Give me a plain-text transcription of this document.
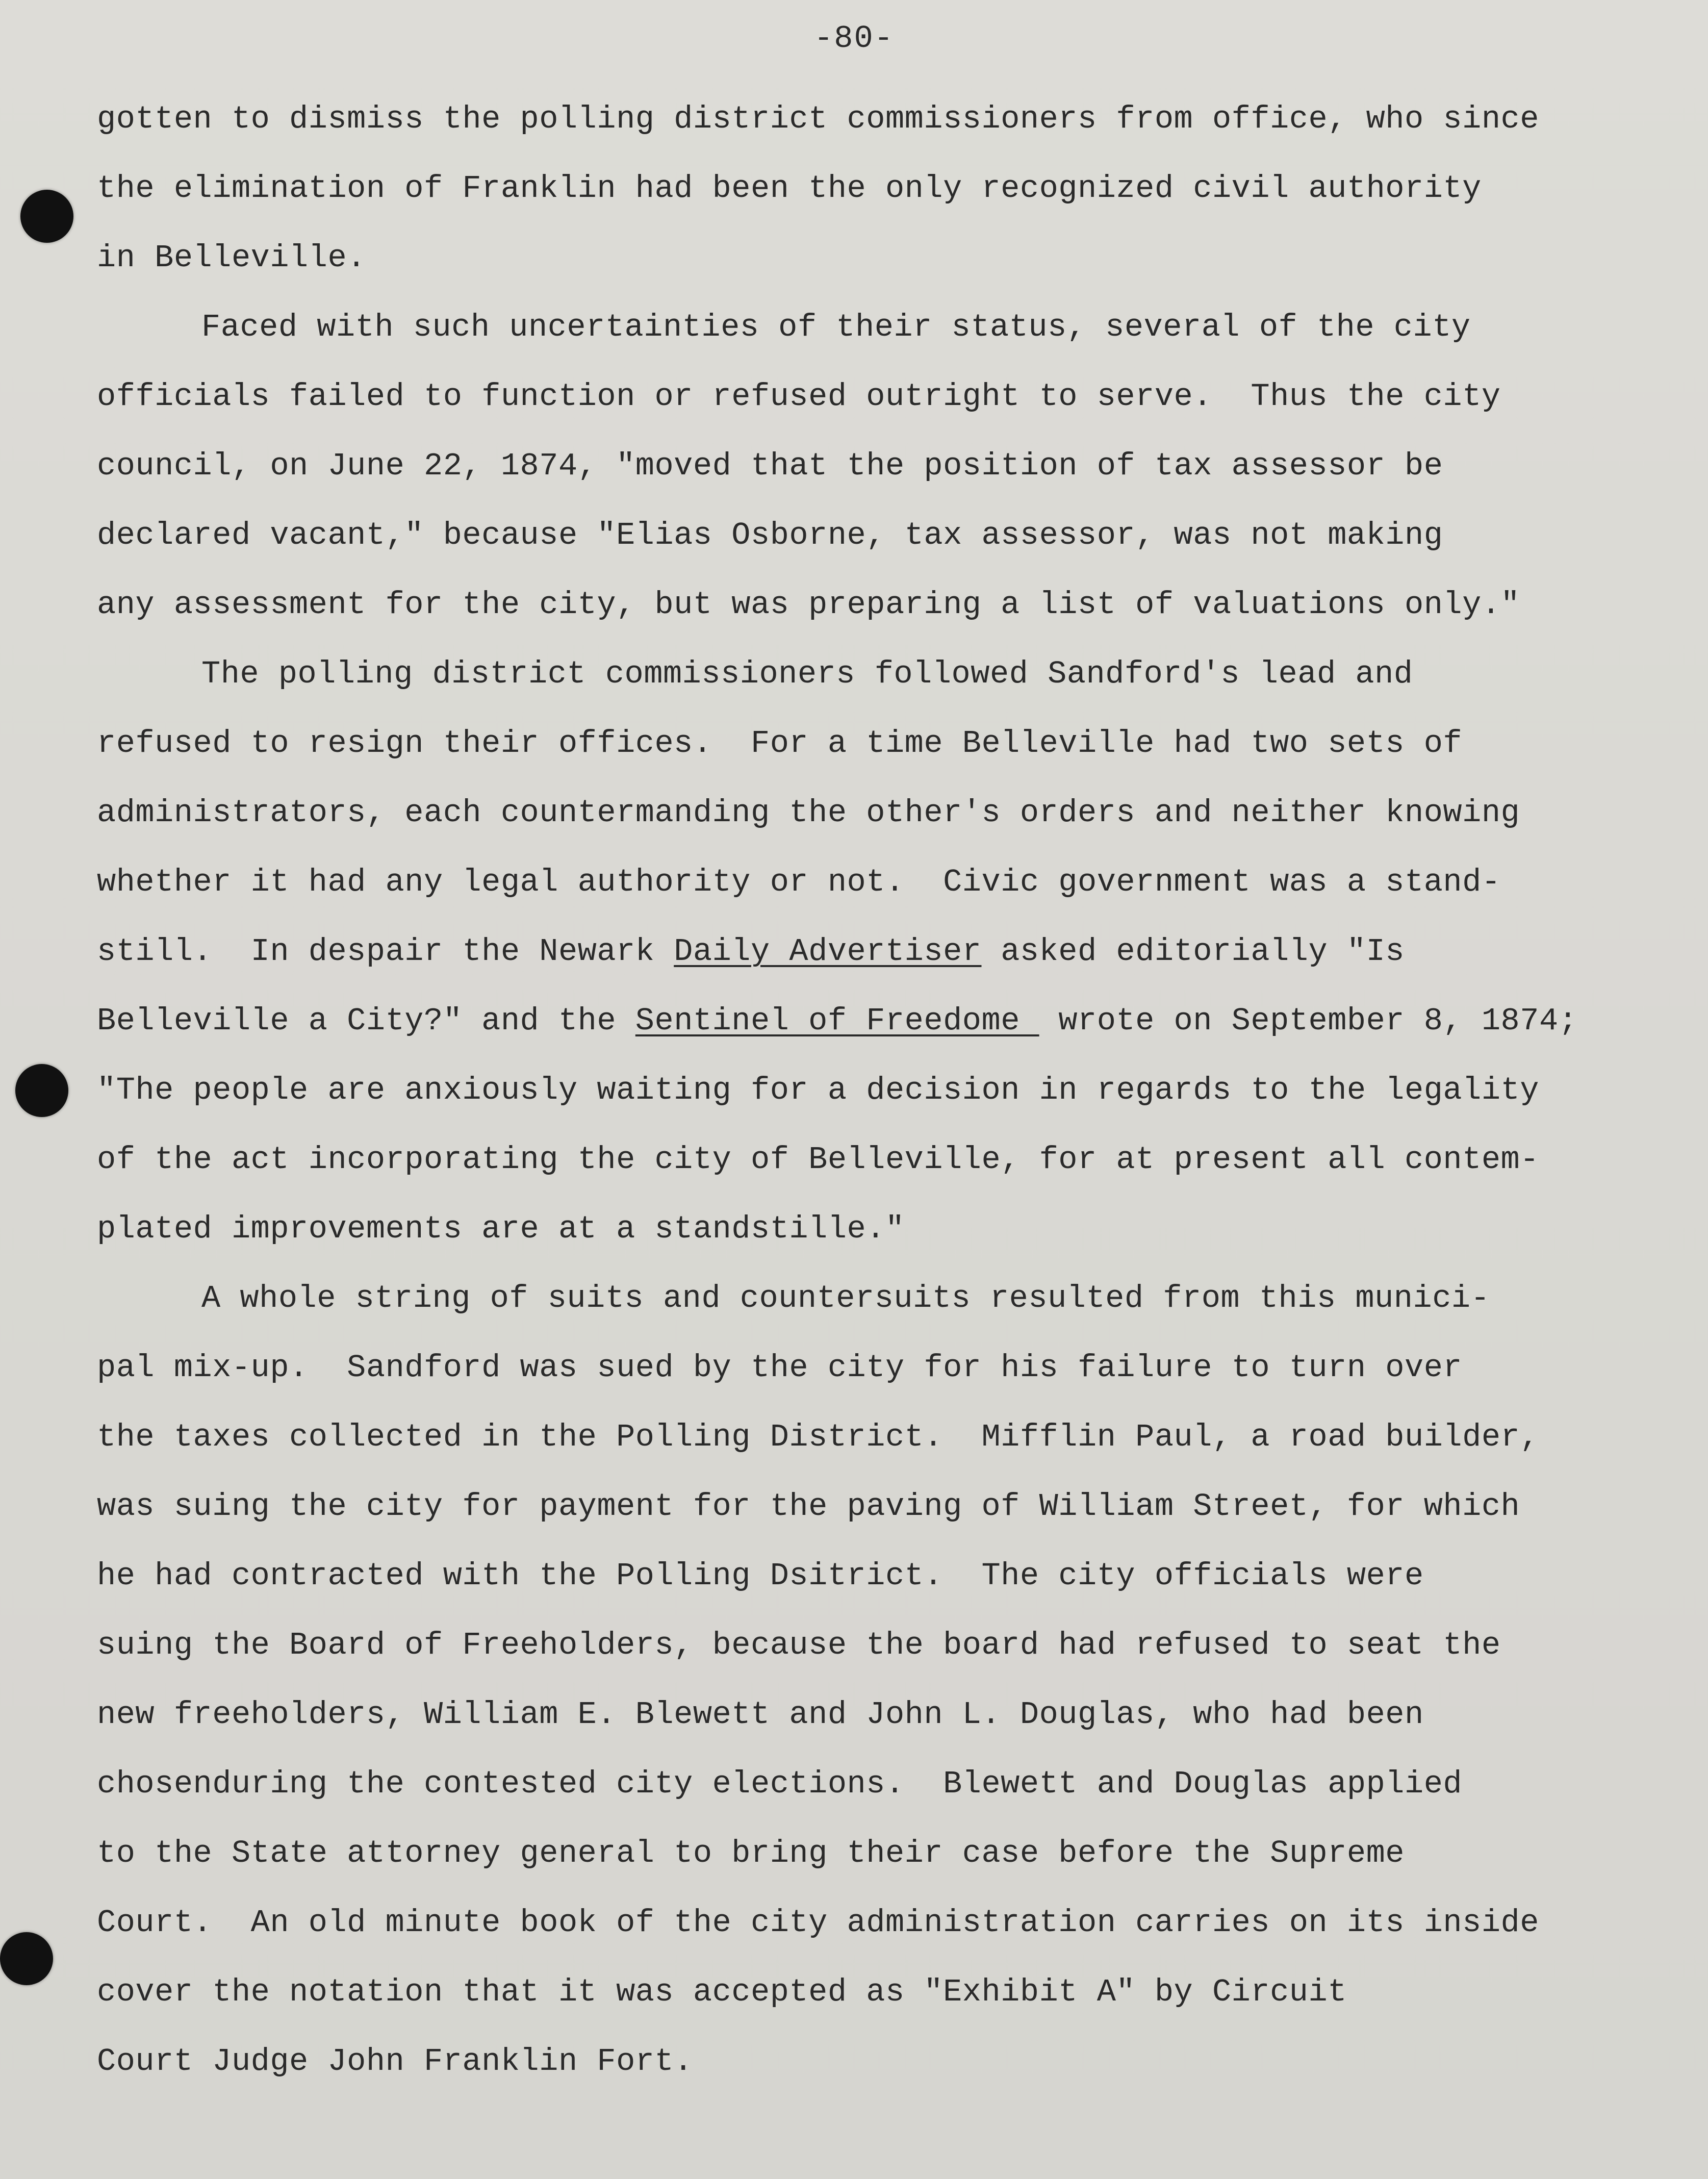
-80-

gotten to dismiss the polling district commissioners from office, who since

the elimination of Franklin had been the only recognized civil authority

in Belleville.

Faced with such uncertainties of their status, several of the city

officials failed to function or refused outright to serve.  Thus the city

council, on June 22, 1874, "moved that the position of tax assessor be

declared vacant," because "Elias Osborne, tax assessor, was not making

any assessment for the city, but was preparing a list of valuations only."

The polling district commissioners followed Sandford's lead and

refused to resign their offices.  For a time Belleville had two sets of

administrators, each countermanding the other's orders and neither knowing

whether it had any legal authority or not.  Civic government was a stand-

still.  In despair the Newark Daily Advertiser asked editorially "Is

Belleville a City?" and the Sentinel of Freedome  wrote on September 8, 1874;

"The people are anxiously waiting for a decision in regards to the legality

of the act incorporating the city of Belleville, for at present all contem-

plated improvements are at a standstille."

A whole string of suits and countersuits resulted from this munici-

pal mix-up.  Sandford was sued by the city for his failure to turn over

the taxes collected in the Polling District.  Mifflin Paul, a road builder,

was suing the city for payment for the paving of William Street, for which

he had contracted with the Polling Dsitrict.  The city officials were

suing the Board of Freeholders, because the board had refused to seat the

new freeholders, William E. Blewett and John L. Douglas, who had been

chosenduring the contested city elections.  Blewett and Douglas applied

to the State attorney general to bring their case before the Supreme

Court.  An old minute book of the city administration carries on its inside

cover the notation that it was accepted as "Exhibit A" by Circuit

Court Judge John Franklin Fort.
